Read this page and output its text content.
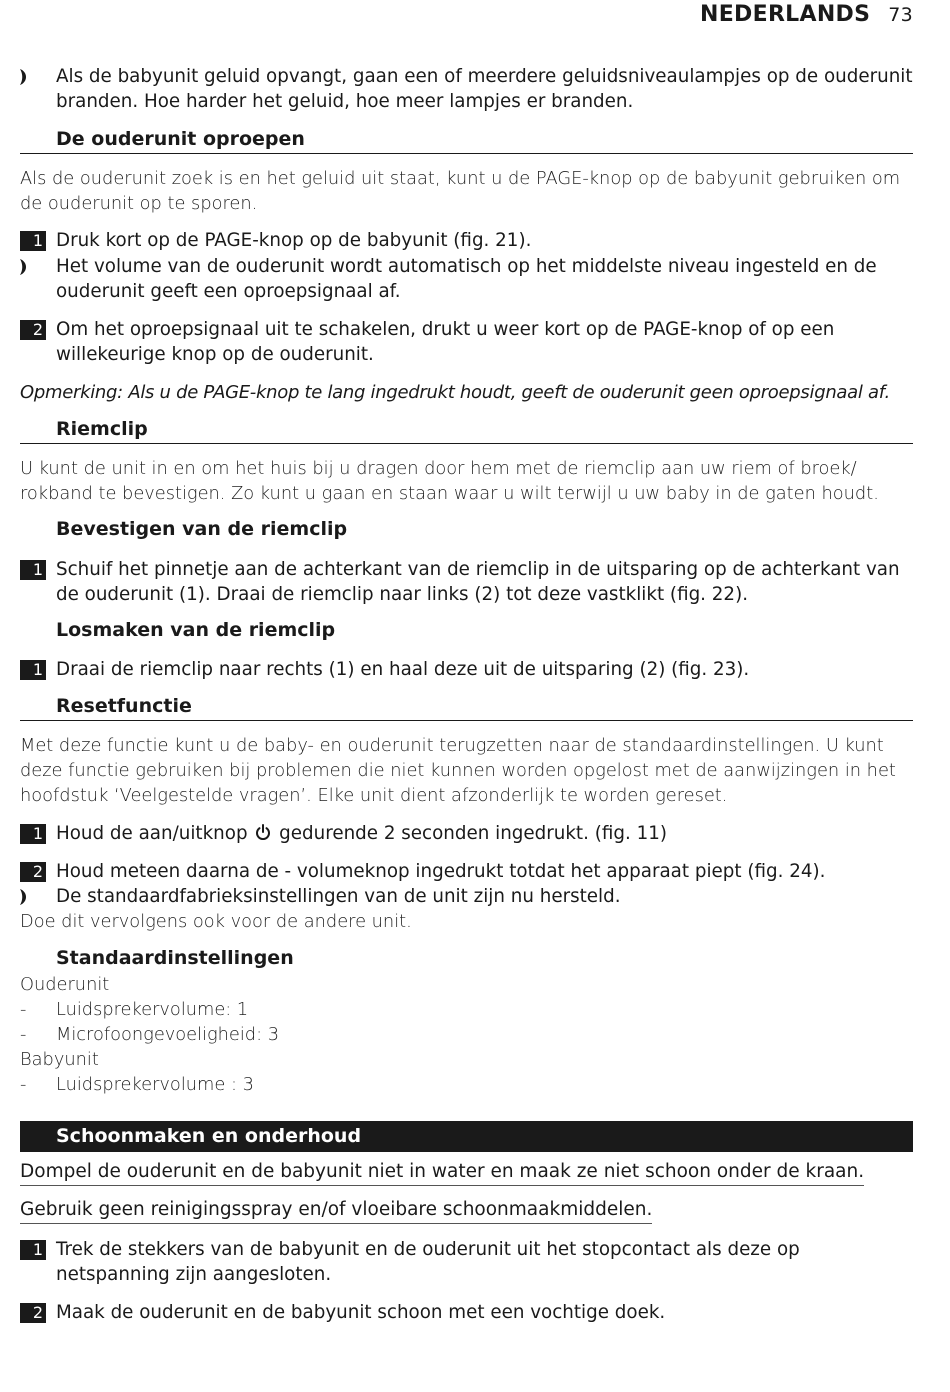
NEDERLANDS 73
Als de babyunit geluid opvangt, gaan een of meerdere geluidsniveaulampjes op de ouderunit
branden. Hoe harder het geluid, hoe meer lampjes er branden.
De ouderunit oproepen
Als de ouderunit zoek is en het geluid uit staat, kunt u de PAGE-knop op de babyunit gebruiken om
de ouderunit op te sporen.
1 Druk kort op de PAGE-knop op de babyunit (fig. 21).
Het volume van de ouderunit wordt automatisch op het middelste niveau ingesteld en de
ouderunit geeft een oproepsignaal af.
2 Om het oproepsignaal uit te schakelen, drukt u weer kort op de PAGE-knop of op een
willekeurige knop op de ouderunit.
Opmerking: Als u de PAGE-knop te lang ingedrukt houdt, geeft de ouderunit geen oproepsignaal af.
Riemclip
U kunt de unit in en om het huis bij u dragen door hem met de riemclip aan uw riem of broek/
rokband te bevestigen. Zo kunt u gaan en staan waar u wilt terwijl u uw baby in de gaten houdt.
Bevestigen van de riemclip
1 Schuif het pinnetje aan de achterkant van de riemclip in de uitsparing op de achterkant van
de ouderunit (1). Draai de riemclip naar links (2) tot deze vastklikt (fig. 22).
Losmaken van de riemclip
1 Draai de riemclip naar rechts (1) en haal deze uit de uitsparing (2) (fig. 23).
Resetfunctie
Met deze functie kunt u de baby- en ouderunit terugzetten naar de standaardinstellingen. U kunt
deze functie gebruiken bij problemen die niet kunnen worden opgelost met de aanwijzingen in het
hoofdstuk ‘Veelgestelde vragen’. Elke unit dient afzonderlijk te worden gereset.
1 Houd de aan/uitknop gedurende 2 seconden ingedrukt. (fig. 11)
2 Houd meteen daarna de - volumeknop ingedrukt totdat het apparaat piept (fig. 24).
De standaardfabrieksinstellingen van de unit zijn nu hersteld.
Doe dit vervolgens ook voor de andere unit.
Standaardinstellingen
Ouderunit
- Luidsprekervolume: 1
- Microfoongevoeligheid: 3
Babyunit
- Luidsprekervolume : 3
Schoonmaken en onderhoud
Dompel de ouderunit en de babyunit niet in water en maak ze niet schoon onder de kraan.
Gebruik geen reinigingsspray en/of vloeibare schoonmaakmiddelen.
1 Trek de stekkers van de babyunit en de ouderunit uit het stopcontact als deze op
netspanning zijn aangesloten.
2 Maak de ouderunit en de babyunit schoon met een vochtige doek.
